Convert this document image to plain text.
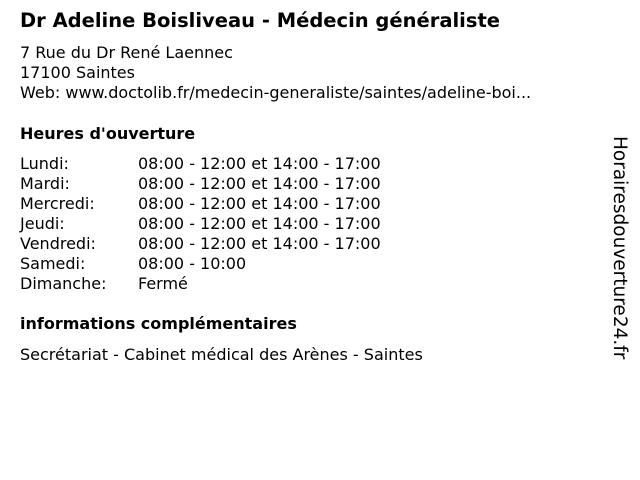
Dr Adeline Boisliveau - Médecin généraliste
7 Rue du Dr René Laennec
17100 Saintes
Web: www.doctolib.fr/medecin-generaliste/saintes/adeline-boi...
Heures d'ouverture
Lundi:	08:00 - 12:00 et 14:00 - 17:00
Mardi:	08:00 - 12:00 et 14:00 - 17:00
Mercredi:	08:00 - 12:00 et 14:00 - 17:00
Jeudi:	08:00 - 12:00 et 14:00 - 17:00
Vendredi:	08:00 - 12:00 et 14:00 - 17:00
Samedi:	08:00 - 10:00
Dimanche:	Fermé
informations complémentaires
Secrétariat - Cabinet médical des Arènes - Saintes	Horairesdouverture24.fr
